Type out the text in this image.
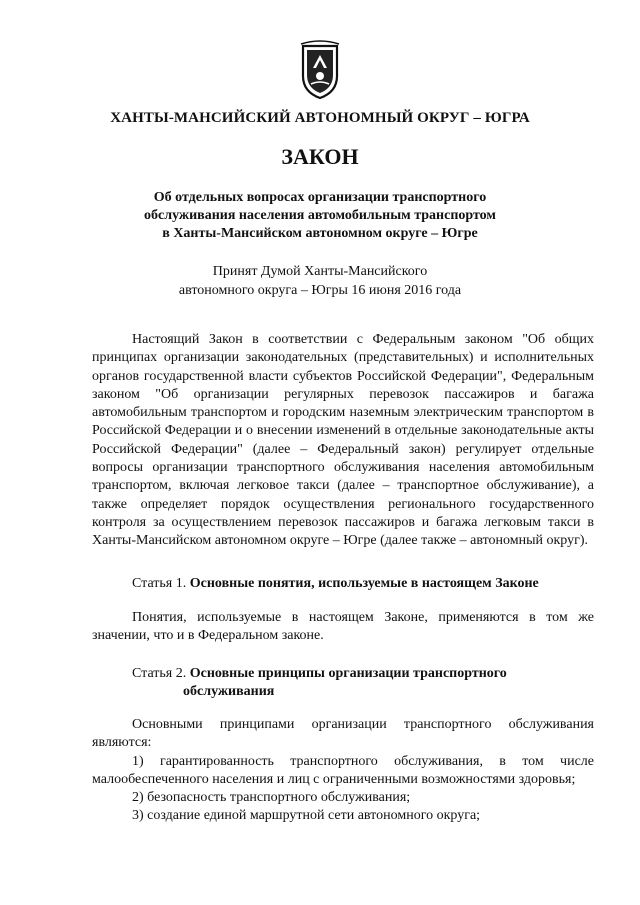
ХАНТЫ-МАНСИЙСКИЙ АВТОНОМНЫЙ ОКРУГ – ЮГРА
ЗАКОН
Об отдельных вопросах организации транспортного
обслуживания населения автомобильным транспортом
в Ханты-Мансийском автономном округе – Югре
Принят Думой Ханты-Мансийского
автономного округа – Югры 16 июня 2016 года

Настоящий Закон в соответствии с Федеральным законом "Об общих принципах организации законодательных (представительных) и исполнительных органов государственной власти субъектов Российской Федерации", Федеральным законом "Об организации регулярных перевозок пассажиров и багажа автомобильным транспортом и городским наземным электрическим транспортом в Российской Федерации и о внесении изменений в отдельные законодательные акты Российской Федерации" (далее – Федеральный закон) регулирует отдельные вопросы организации транспортного обслуживания населения автомобильным транспортом, включая легковое такси (далее – транспортное обслуживание), а также определяет порядок осуществления регионального государственного контроля за осуществлением перевозок пассажиров и багажа легковым такси в Ханты-Мансийском автономном округе – Югре (далее также – автономный округ).

Статья 1. Основные понятия, используемые в настоящем Законе

Понятия, используемые в настоящем Законе, применяются в том же значении, что и в Федеральном законе.

Статья 2. Основные принципы организации транспортного
обслуживания

Основными принципами организации транспортного обслуживания являются:

1) гарантированность транспортного обслуживания, в том числе малообеспеченного населения и лиц с ограниченными возможностями здоровья;

2) безопасность транспортного обслуживания;

3) создание единой маршрутной сети автономного округа;
